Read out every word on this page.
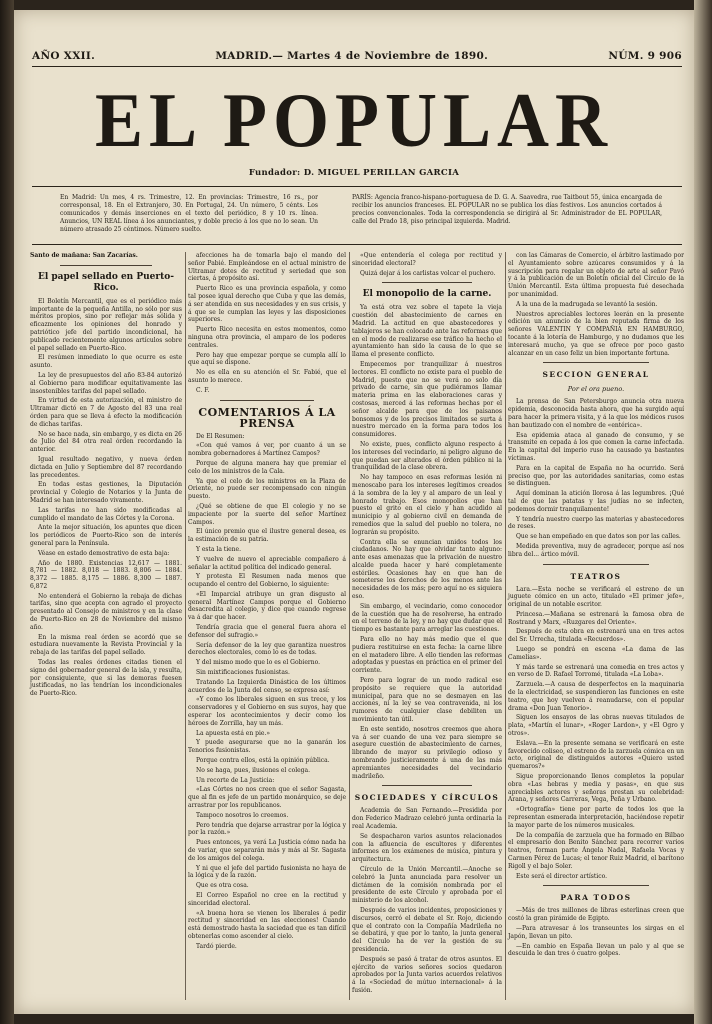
AÑO XXII.	MADRID.— Martes 4 de Noviembre de 1890.	NÚM. 9 906
EL POPULAR
Fundador: D. MIGUEL PERILLAN GARCIA
En Madrid: Un mes, 4 rs. Trimestre, 12. En provincias: Trimestre, 16 rs., por corresponsal, 18. En el Extranjero, 30. En Portugal, 24. Un número, 5 cénts. Los comunicados y demás inserciones en el texto del periódico, 8 y 10 rs. línea. Anuncios, UN REAL línea á los anunciantes, y doble precio á los que no lo sean. Un número atrasado 25 céntimos. Número suelto.
PARÍS: Agencia franco-hispano-portuguesa de D. G. A. Saavedra, rue Taitbout 55, única encargada de recibir los anuncios franceses. EL POPULAR no se publica los días festivos. Los anuncios cortados á precios convencionales. Toda la correspondencia se dirigirá al Sr. Administrador de EL POPULAR, calle del Prado 18, piso principal izquierda. Madrid.
Santo de mañana: San Zacarías.
El papel sellado en Puerto-Rico.

El Boletín Mercantil, que es el periódico más importante de la pequeña Antilla, no sólo por sus méritos propios, sino por reflejar más sólida y eficazmente los opiniones del honrado y patriótico jefe del partido incondicional, ha publicado recientemente algunos artículos sobre el papel sellado en Puerto-Rico.

El resúmen inmediato lo que ocurre es este asunto.

La ley de presupuestos del año 83-84 autorizó al Gobierno para modificar equitativamente las insostenibles tarifas del papel sellado.

En virtud de esta autorización, el ministro de Ultramar dictó en 7 de Agosto del 83 una real órden para que se lleva á efecto la modificación de dichas tarifas.

No se hace nada, sin embargo, y es dicta en 26 de Julio del 84 otra real órden recordando la anterior.

Igual resultado negativo, y nueva órden dictada en Julio y Septiembre del 87 recordando las precedentes.

En todas estas gestiones, la Diputación provincial y Colegio de Notarios y la Junta de Madrid se han interesado vivamente.

Las tarifas no han sido modificadas al cumplido el mandato de las Córtes y la Corona.

Ante la mejor situación, los apuntes que dicen los periódicos de Puerto-Rico son de interés general para la Península.

Véase en estado demostrativo de esta baja:

Año de 1880. Existencias 12,617 — 1881. 8,781 — 1882. 8,018 — 1883. 8,806 — 1884. 8,372 — 1885. 8,175 — 1886. 8,300 — 1887. 6,872

No entenderá el Gobierno la rebaja de dichas tarifas, sino que acepta con agrado el proyecto presentado al Consejo de ministros y en la clase de Puerto-Rico en 28 de Noviembre del mismo año.

En la misma real órden se acordó que se estudiara nuevamente la Revista Provincial y la rebaja de las tarifas del papel sellado.

Todas las reales órdenes citadas tienen el signo del gobernador general de la isla, y resulta, por consiguiente, que si las demoras fuesen justificadas, no las tendrían los incondicionales de Puerto-Rico.

afecciones ha de tomarla bajo el mando del señor Pabié. Empleándose en el actual ministro de Ultramar dotes de rectitud y seriedad que son ciertas, á propósito así.

Puerto Rico es una provincia española, y como tal posee igual derecho que Cuba y que las demás, á ser atendida en sus necesidades y en sus crisis, y á que se le cumplan las leyes y las disposiciones superiores.

Puerto Rico necesita en estos momentos, como ninguna otra provincia, el amparo de los poderes centrales.

Pero hay que empezar porque se cumpla allí lo que aquí se dispone.

No es ella en su atención el Sr. Fabié, que el asunto lo merece.

C. F.

COMENTARIOS Á LA PRENSA

De El Resumen:

«Con qué vamos á ver, por cuanto á un se nombra gobernadores á Martínez Campos?

Porque de alguna manera hay que premiar el celo de los ministros de la Cala.

Ya que el celo de los ministros en la Plaza de Oriente, no puede ser recompensado con ningún puesto.

¿Qué se obtiene de que El colegio y no se impaciente por la suerte del señor Martínez Campos.

El único premio que el ilustre general desea, es la estimación de su patria.

Y esta la tiene.

Y vuelve de nuevo el apreciable compañero á señalar la actitud política del indicado general.

Y protesta El Resumen nada menos que ocupando el centro del Gobierno, lo siguiente:

«El Imparcial atribuye un gran disgusto al general Martínez Campos porque el Gobierno desacredita al colegio, y dice que cuando regrese va á dar que hacer.

Tendría gracia que el general fuera ahora el defensor del sufragio.»

Sería defensor de la ley que garantiza nuestros derechos electorales, como lo es de todas.

Y del mismo modo que lo es el Gobierno.

Sin mixtificaciones fusionistas.

Tratando La Izquierda Dinástica de los últimos acuerdos de la Junta del censo, se expresa así:

«Y como los liberales siguen en sus trece, y los conservadores y el Gobierno en sus suyos, hay que esperar los acontecimientos y decir como los héroes de Zorrilla, hay un más.

La apuesta está en pie.»

Y puede asegurarse que no la ganarán los Tenorios fusionistas.

Porque contra ellos, está la opinión pública.

No se haga, pues, ilusiones el colega.

Un recorte de La Justicia:

«Las Córtes no nos creen que el señor Sagasta, que al fin es jefe de un partido monárquico, se deje arrastrar por los republicanos.

Tampoco nosotros lo creemos.

Pero tendría que dejarse arrastrar por la lógica y por la razón.»

Pues entonces, ya verá La Justicia cómo nada ha de variar, que separarán más y más al Sr. Sagasta de los amigos del colega.

Y ni que el jefe del partido fusionista no haya de la lógica y de la razón.

Que es otra cosa.

El Correo Español no cree en la rectitud y sinceridad electoral.

«A buena hora se vienen los liberales á pedir rectitud y sinceridad en las elecciones! Cuando está demostrado hasta la saciedad que es tan difícil obtenerlas como ascender al cielo.

Tardó pierde.

«Que entendería el colega por rectitud y sinceridad electoral?

Quizá dejar á los carlistas volcar el puchero.

El monopolio de la carne.

Ya está otra vez sobre el tapete la vieja cuestión del abastecimiento de carnes en Madrid. La actitud en que abastecedores y tablajeros se han colocado ante las reformas que en el modo de realizarse ese tráfico ha hecho el ayuntamiento han sido la causa de lo que se llama el presente conflicto.

Empecemos por tranquilizar á nuestros lectores. El conflicto no existe para el pueblo de Madrid, puesto que no se verá no solo día privado de carne, sin que pudiéramos llamar materia prima en las elaboraciones caras y costosas, merced á las reformas hechas por el señor alcalde para que de los paisanos bonsomos y de los precisos limitados se surta á nuestro mercado en la forma para todos los consumidores.

No existe, pues, conflicto alguno respecto á los intereses del vecindario, ni peligro alguno de que puedan ser alterados el órden público ni la tranquilidad de la clase obrera.

No hay tampoco en esas reformas lesión ni menoscabo para los intereses legítimos creados á la sombra de la ley y al amparo de un leal y honrado trabajo. Esos monopolios que han puesto el grito en el cielo y han acudido al municipio y al gobierno civil en demanda de remedios que la salud del pueblo no tolera, no lograrán su propósito.

Contra ella se enuncian unidos todos los ciudadanos. No hay que olvidar tanto alguno: ante esas amenazas que la privación de nuestro alcalde pueda hacer y haré completamente estériles. Ocasiones hay en que han de someterse los derechos de los menos ante las necesidades de los más; pero aquí no es siquiera eso.

Sin embargo, el vecindario, como conocedor de la cuestión que ha de resolverse, ha entrado en el terreno de la ley, y no hay que dudar que el tiempo es bastante para arreglar las cuestiones.

Para ello no hay más medio que el que pudiera restituirse en esta fecha: la carne libre en el matadero libre. A ello tienden las reformas adoptadas y puestas en práctica en el primer del corriente.

Pero para lograr de un modo radical ese propósito se requiere que la autoridad municipal, para que no se desmayen en las acciones, ni la ley se vea contravenida, ni los rumores de cualquier clase debiliten un movimiento tan útil.

En este sentido, nosotros creemos que ahora va á ser cuando de una vez para siempre se asegure cuestión de abastecimiento de carnes, librando de mayor su privilegio odioso y nombrando justicieramente á una de las más apremiantes necesidades del vecindario madrileño.

SOCIEDADES Y CÍRCULOS

Academia de San Fernando.—Presidida por don Federico Madrazo celebró junta ordinaria la real Academia.

Se despacharon varios asuntos relacionados con la afluencia de escultores y diferentes informes en los exámenes de música, pintura y arquitectura.

Círculo de la Unión Mercantil.—Anoche se celebró la Junta anunciada para resolver un dictámen de la comisión nombrada por el presidente de este Círculo y aprobada por el ministerio de los alcohol.

Después de varios incidentes, proposiciones y discursos, cerró el debate el Sr. Rojo, diciendo que el contrato con la Compañía Madrileña no se debatirá, y que por lo tanto, la junta general del Círculo ha de ver la gestión de su presidencia.

Después se pasó á tratar de otros asuntos. El ejército de varios señores socios quedaron aprobados por la Junta varios acuerdos relativos á la «Sociedad de mútuo internacional» á la fusión.

con las Cámaras de Comercio, el árbitro lastimado por el Ayuntamiento sobre azúcares consumidos y á la suscripción para regalar un objeto de arte al señor Pavó y á la publicación de un Boletín oficial del Círculo de la Unión Mercantil. Esta última propuesta fué desechada por unanimidad.

A la una de la madrugada se levantó la sesión.

Nuestros apreciables lectores leerán en la presente edición un anuncio de la bien reputada firma de los señores VALENTIN Y COMPAÑIA EN HAMBURGO, tocante á la lotería de Hamburgo, y no dudamos que les interesará mucho, ya que se ofrece por poco gasto alcanzar en un caso feliz un bien importante fortuna.

SECCION GENERAL
Por el ora pueno.

La prensa de San Petersburgo anuncia otra nueva epidemia, desconocida hasta ahora, que ha surgido aquí para hacer la primera visita, y á la que los médicos rusos han bautizado con el nombre de «entérica».

Esa epidemia ataca al ganado de consumo, y se transmite en cepada á los que comen la carne infectada. En la capital del imperio ruso ha causado ya bastantes víctimas.

Para en la capital de España no ha ocurrido. Será preciso que, por las autoridades sanitarias, como estas se distinguen.

Aquí dominan la atición llorosa á las legumbres. ¡Qué tal de que las patatas y las judías no se infecten, podemos dormir tranquilamente!

Y tendría nuestro cuerpo las materias y abastecedores de reses.

Que se han empeñado en que datos son por las calles.

Medida preventiva, muy de agradecer, porque así nos libra del... ártico móvil.

TEATROS

Lara.—Esta noche se verificará el estreno de un juguete cómico en un acto, titulado «El primer jefe», original de un notable escritor.

Princesa.—Mañana se estrenará la famosa obra de Rostrand y Marx, «Ruzgares del Oriente».

Después de esta obra en estrenará una en tres actos del Sr. Urrecha, titulada «Recuerdos».

Luego se pondrá en escena «La dama de las Camelias».

Y más tarde se estrenará una comedia en tres actos y en verso de D. Rafael Torromé, titulada «La Loba».

Zarzuela.—A causa de desperfectos en la maquinaria de la electricidad, se suspendieron las funciones en este teatro, que hoy vuelven á reanudarse, con el popular drama «Don Juan Tenorio».

Siguen los ensayos de las obras nuevas titulados de plata, «Martín el lunar», «Roger Lardon», y «El Ogro y otros».

Eslava.—En la presente semana se verificará en este favorecido coliseo, el estreno de la zarzuela cómica en un acto, original de distinguidos autores «Quiero usted quemaros?»

Sigue proporcionando llenos completos la popular obra «Las hebras y media y pasas», en que sus apreciables actores y señoras prestan su celebridad: Arana, y señores Carreras, Vega, Peña y Urbano.

«Ortografía» tiene por parte de todos los que la representan esmerada interpretación, haciéndose repetir la mayor parte de los números musicales.

De la compañía de zarzuela que ha formado en Bilbao el empresario don Benito Sánchez para recorrer varios teatros, forman parte Ángela Nadal, Rafaela Vocas y Carmen Pérez de Lucas; el tenor Ruiz Madrid, el barítono Rigoll y el bajo Soler.

Este será el director artístico.

PARA TODOS

—Más de tres millones de libras esterlinas creen que costó la gran pirámide de Egipto.

—Para atravesar á los transeuntes los sirgas en el Japón, llevan un pito.

—En cambio en España llevan un palo y al que se descuida le dan tres ó cuatro golpes.
